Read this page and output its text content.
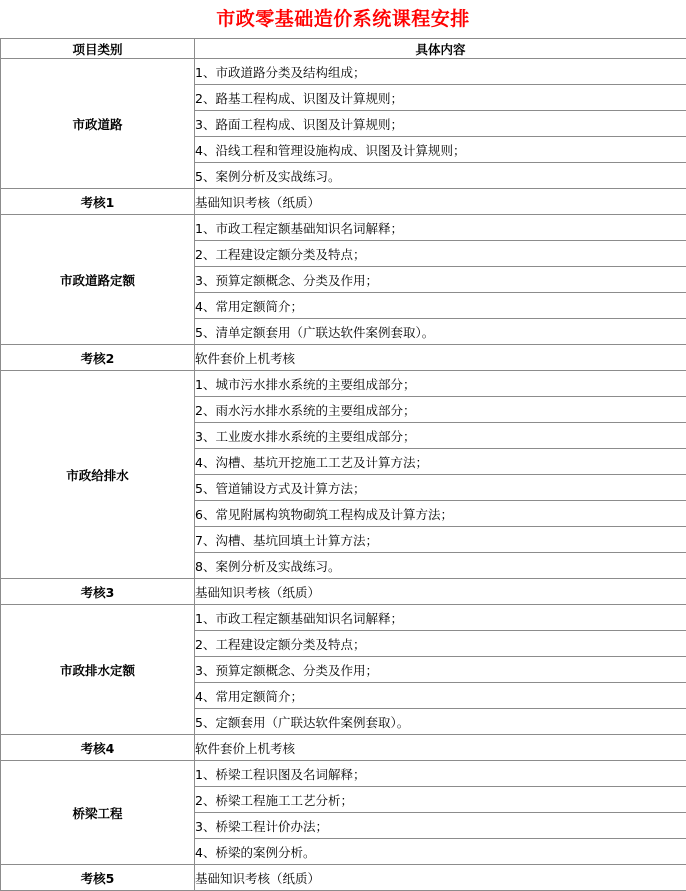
市政零基础造价系统课程安排
项目类别	具体内容
市政道路	1、市政道路分类及结构组成；
	2、路基工程构成、识图及计算规则；
	3、路面工程构成、识图及计算规则；
	4、沿线工程和管理设施构成、识图及计算规则；
	5、案例分析及实战练习。
考核1	基础知识考核（纸质）
市政道路定额	1、市政工程定额基础知识名词解释；
	2、工程建设定额分类及特点；
	3、预算定额概念、分类及作用；
	4、常用定额简介；
	5、清单定额套用（广联达软件案例套取）。
考核2	软件套价上机考核
市政给排水	1、城市污水排水系统的主要组成部分；
	2、雨水污水排水系统的主要组成部分；
	3、工业废水排水系统的主要组成部分；
	4、沟槽、基坑开挖施工工艺及计算方法；
	5、管道铺设方式及计算方法；
	6、常见附属构筑物砌筑工程构成及计算方法；
	7、沟槽、基坑回填土计算方法；
	8、案例分析及实战练习。
考核3	基础知识考核（纸质）
市政排水定额	1、市政工程定额基础知识名词解释；
	2、工程建设定额分类及特点；
	3、预算定额概念、分类及作用；
	4、常用定额简介；
	5、定额套用（广联达软件案例套取）。
考核4	软件套价上机考核
桥梁工程	1、桥梁工程识图及名词解释；
	2、桥梁工程施工工艺分析；
	3、桥梁工程计价办法；
	4、桥梁的案例分析。
考核5	基础知识考核（纸质）
